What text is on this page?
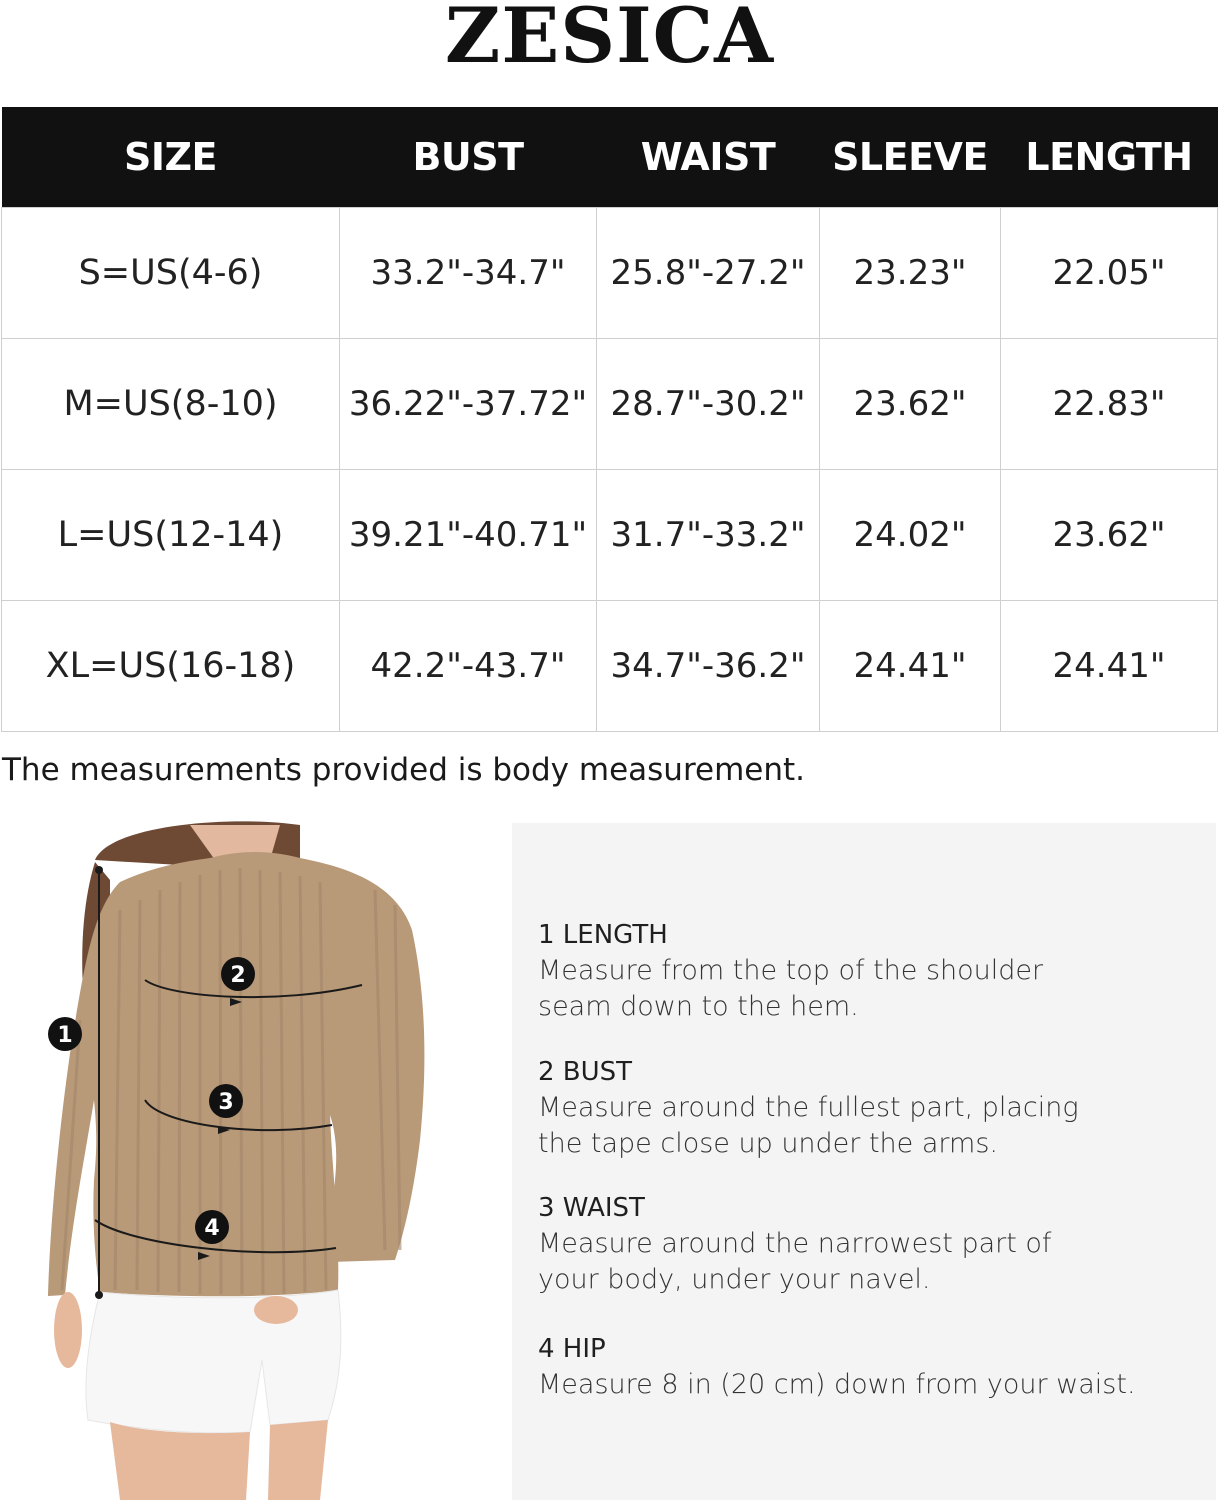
ZESICA
SIZE	BUST	WAIST	SLEEVE	LENGTH
S=US(4-6)	33.2"-34.7"	25.8"-27.2"	23.23"	22.05"
M=US(8-10)	36.22"-37.72"	28.7"-30.2"	23.62"	22.83"
L=US(12-14)	39.21"-40.71"	31.7"-33.2"	24.02"	23.62"
XL=US(16-18)	42.2"-43.7"	34.7"-36.2"	24.41"	24.41"
The measurements provided is body measurement.
1
2
3
4

1 LENGTH

Measure from the top of the shoulder

seam down to the hem.

2 BUST

Measure around the fullest part, placing

the tape close up under the arms.

3 WAIST

Measure around the narrowest part of

your body, under your navel.

4 HIP

Measure 8 in (20 cm) down from your waist.
